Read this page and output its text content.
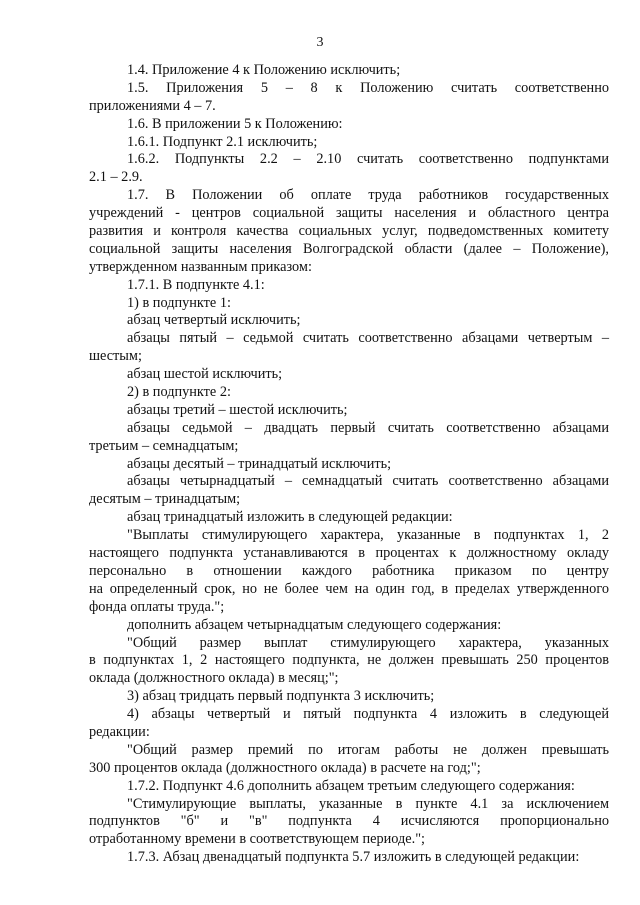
3
1.4. Приложение 4 к Положению исключить;
1.5. Приложения 5 – 8 к Положению считать соответственно
приложениями 4 – 7.
1.6. В приложении 5 к Положению:
1.6.1. Подпункт 2.1 исключить;
1.6.2. Подпункты 2.2 – 2.10 считать соответственно подпунктами
2.1 – 2.9.
1.7. В Положении об оплате труда работников государственных
учреждений - центров социальной защиты населения и областного центра
развития и контроля качества социальных услуг, подведомственных комитету
социальной защиты населения Волгоградской области (далее – Положение),
утвержденном названным приказом:
1.7.1. В подпункте 4.1:
1) в подпункте 1:
абзац четвертый исключить;
абзацы пятый – седьмой считать соответственно абзацами четвертым –
шестым;
абзац шестой исключить;
2) в подпункте 2:
абзацы третий – шестой исключить;
абзацы седьмой – двадцать первый считать соответственно абзацами
третьим – семнадцатым;
абзацы десятый – тринадцатый исключить;
абзацы четырнадцатый – семнадцатый считать соответственно абзацами
десятым – тринадцатым;
абзац тринадцатый изложить в следующей редакции:
"Выплаты стимулирующего характера, указанные в подпунктах 1, 2
настоящего подпункта устанавливаются в процентах к должностному окладу
персонально в отношении каждого работника приказом по центру
на определенный срок, но не более чем на один год, в пределах утвержденного
фонда оплаты труда.";
дополнить абзацем четырнадцатым следующего содержания:
"Общий размер выплат стимулирующего характера, указанных
в подпунктах 1, 2 настоящего подпункта, не должен превышать 250 процентов
оклада (должностного оклада) в месяц;";
3) абзац тридцать первый подпункта 3 исключить;
4) абзацы четвертый и пятый подпункта 4 изложить в следующей
редакции:
"Общий размер премий по итогам работы не должен превышать
300 процентов оклада (должностного оклада) в расчете на год;";
1.7.2. Подпункт 4.6 дополнить абзацем третьим следующего содержания:
"Стимулирующие выплаты, указанные в пункте 4.1 за исключением
подпунктов "б" и "в" подпункта 4 исчисляются пропорционально
отработанному времени в соответствующем периоде.";
1.7.3. Абзац двенадцатый подпункта 5.7 изложить в следующей редакции:
